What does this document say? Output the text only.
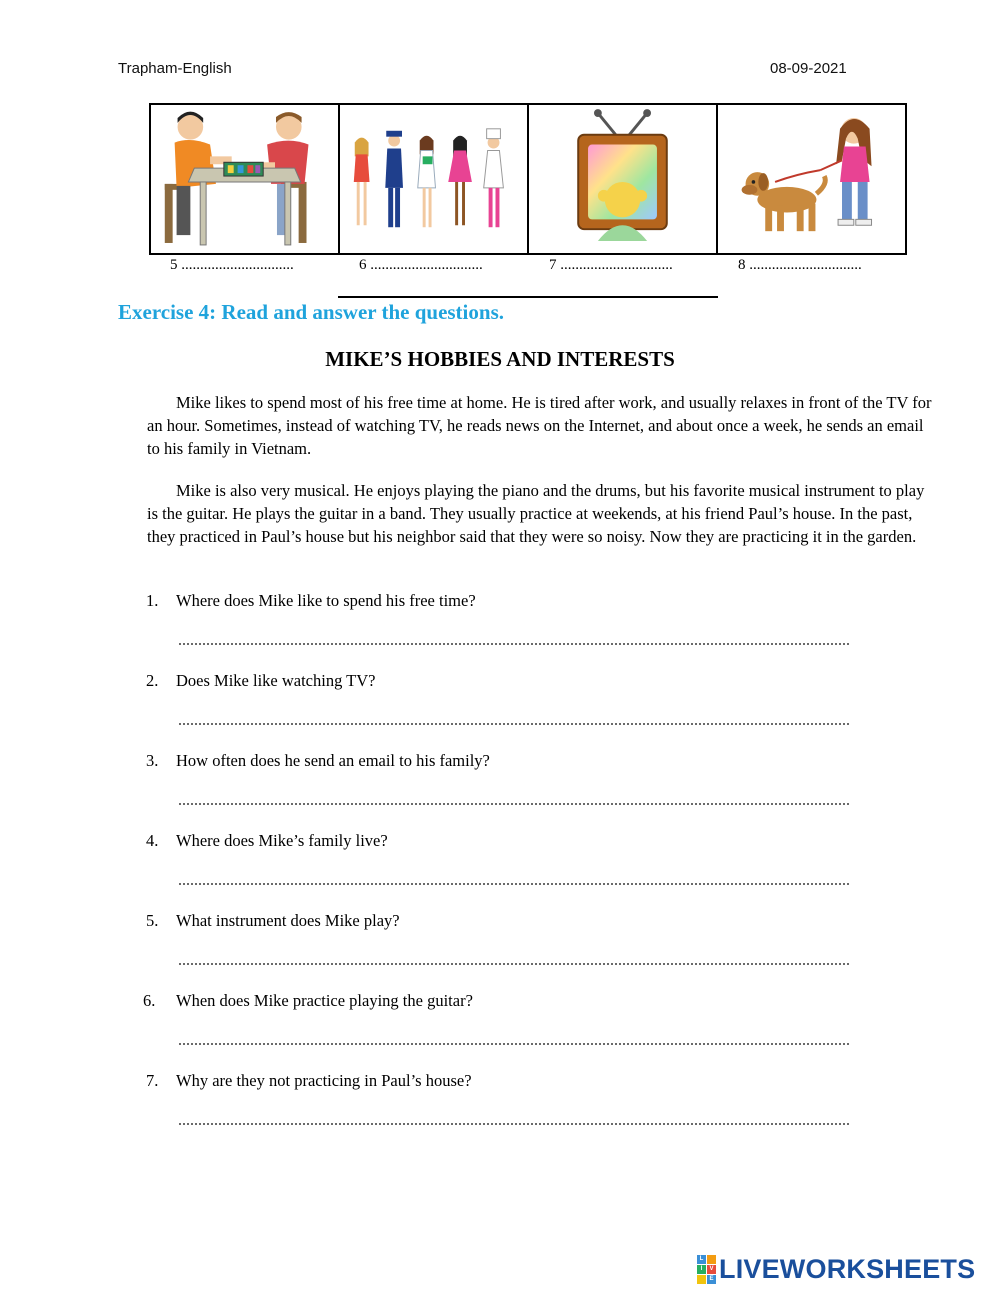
Trapham-English	08-09-2021
5 ..............................	6 ..............................	7 ..............................	8 ..............................
Exercise 4: Read and answer the questions.
MIKE’S HOBBIES AND INTERESTS

Mike likes to spend most of his free time at home. He is tired after work, and usually relaxes in front of the TV for an hour. Sometimes, instead of watching TV, he reads news on the Internet, and about once a week, he sends an email to his family in Vietnam.

Mike is also very musical. He enjoys playing the piano and the drums, but his favorite musical instrument to play is the guitar. He plays the guitar in a band. They usually practice at weekends, at his friend Paul’s house. In the past, they practiced in Paul’s house but his neighbor said that they were so noisy. Now they are practicing it in the garden.

1. Where does Mike like to spend his free time?
2. Does Mike like watching TV?
3. How often does he send an email to his family?
4. Where does Mike’s family live?
5. What instrument does Mike play?
6. When does Mike practice playing the guitar?
7. Why are they not practicing in Paul’s house?
L
I	V
E LIVEWORKSHEETS
